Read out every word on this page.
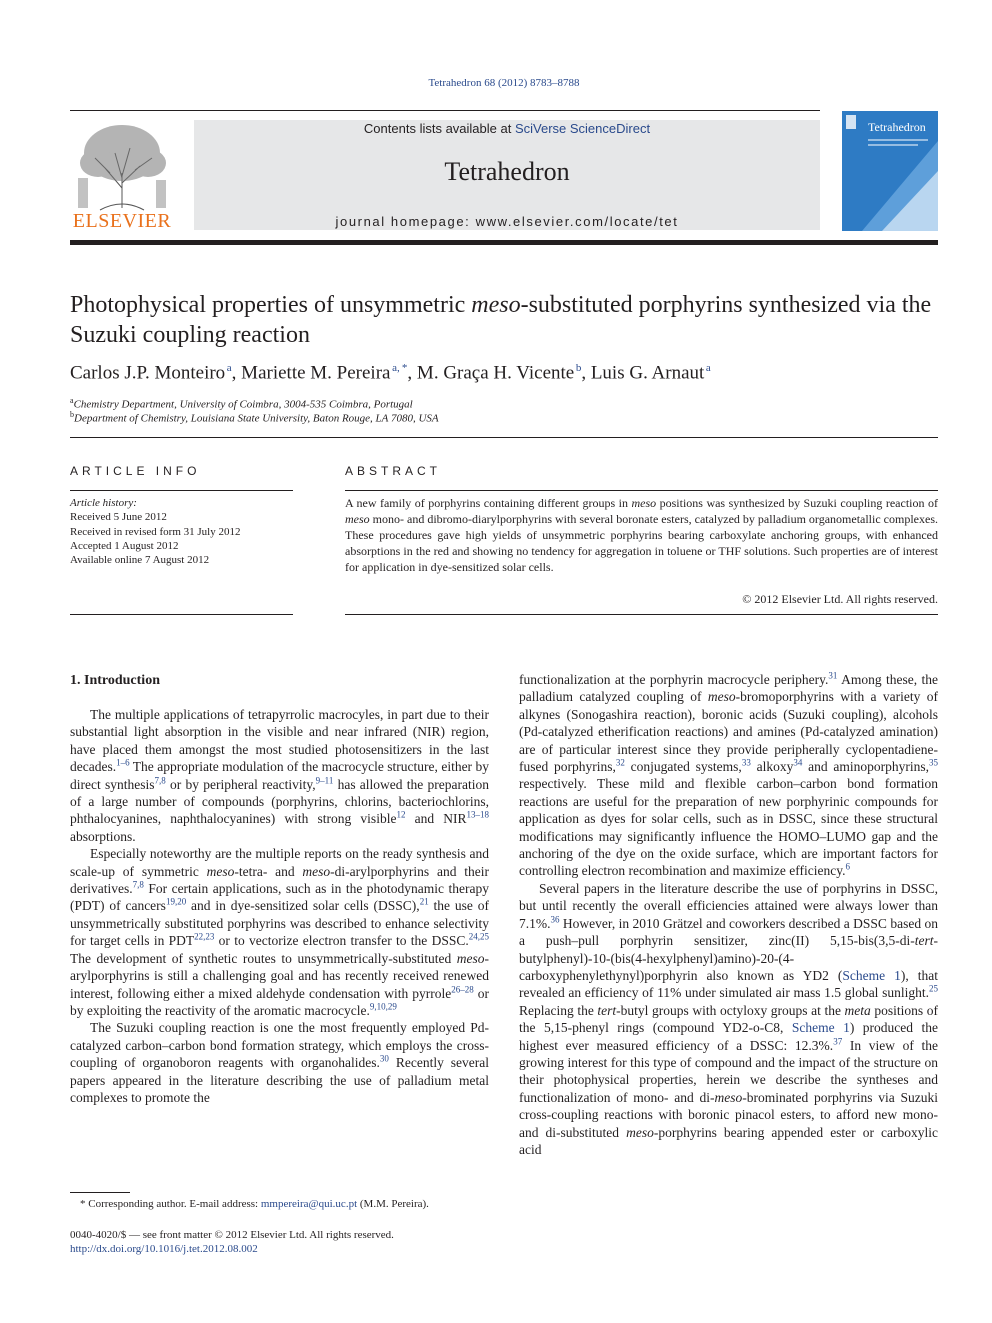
Tetrahedron 68 (2012) 8783–8788
ELSEVIER
Contents lists available at SciVerse ScienceDirect
Tetrahedron
journal homepage: www.elsevier.com/locate/tet
Tetrahedron
Photophysical properties of unsymmetric meso-substituted porphyrins synthesized via the Suzuki coupling reaction
Carlos J.P. Monteiro  $^a$, Mariette M. Pereira  $^{a, *}$, M. Graça H. Vicente  $^b$, Luis G. Arnaut  $^a$
$^a$Chemistry Department, University of Coimbra, 3004-535 Coimbra, Portugal
$^b$Department of Chemistry, Louisiana State University, Baton Rouge, LA 7080, USA
ARTICLE INFO
Article history:
Received 5 June 2012
Received in revised form 31 July 2012
Accepted 1 August 2012
Available online 7 August 2012
ABSTRACT
A new family of porphyrins containing different groups in meso positions was synthesized by Suzuki coupling reaction of meso mono- and dibromo-diarylporphyrins with several boronate esters, catalyzed by palladium organometallic complexes. These procedures gave high yields of unsymmetric porphyrins bearing carboxylate anchoring groups, with enhanced absorptions in the red and showing no tendency for aggregation in toluene or THF solutions. Such properties are of interest for application in dye-sensitized solar cells.
© 2012 Elsevier Ltd. All rights reserved.
1. Introduction

The multiple applications of tetrapyrrolic macrocyles, in part due to their substantial light absorption in the visible and near infrared (NIR) region, have placed them amongst the most studied photosensitizers in the last decades.$^{1-6}$ The appropriate modulation of the macrocycle structure, either by direct synthesis$^{7,8}$ or by peripheral reactivity,$^{9-11}$ has allowed the preparation of a large number of compounds (porphyrins, chlorins, bacteriochlorins, phthalocyanines, naphthalocyanines) with strong visible$^{12}$ and NIR$^{13-18}$ absorptions.

Especially noteworthy are the multiple reports on the ready synthesis and scale-up of symmetric meso-tetra- and meso-di-arylporphyrins and their derivatives.$^{7,8}$ For certain applications, such as in the photodynamic therapy (PDT) of cancers$^{19,20}$ and in dye-sensitized solar cells (DSSC),$^{21}$ the use of unsymmetrically substituted porphyrins was described to enhance selectivity for target cells in PDT$^{22,23}$ or to vectorize electron transfer to the DSSC.$^{24,25}$ The development of synthetic routes to unsymmetrically-substituted meso-arylporphyrins is still a challenging goal and has recently received renewed interest, following either a mixed aldehyde condensation with pyrrole$^{26-28}$ or by exploiting the reactivity of the aromatic macrocycle.$^{9,10,29}$

The Suzuki coupling reaction is one the most frequently employed Pd-catalyzed carbon–carbon bond formation strategy, which employs the cross-coupling of organoboron reagents with organohalides.$^{30}$ Recently several papers appeared in the literature describing the use of palladium metal complexes to promote the

functionalization at the porphyrin macrocycle periphery.$^{31}$ Among these, the palladium catalyzed coupling of meso-bromoporphyrins with a variety of alkynes (Sonogashira reaction), boronic acids (Suzuki coupling), alcohols (Pd-catalyzed etherification reactions) and amines (Pd-catalyzed amination) are of particular interest since they provide peripherally cyclopentadiene-fused porphyrins,$^{32}$ conjugated systems,$^{33}$ alkoxy$^{34}$ and aminoporphyrins,$^{35}$ respectively. These mild and flexible carbon–carbon bond formation reactions are useful for the preparation of new porphyrinic compounds for application as dyes for solar cells, such as in DSSC, since these structural modifications may significantly influence the HOMO–LUMO gap and the anchoring of the dye on the oxide surface, which are important factors for controlling electron recombination and maximize efficiency.$^6$

Several papers in the literature describe the use of porphyrins in DSSC, but until recently the overall efficiencies attained were always lower than 7.1%.$^{36}$ However, in 2010 Grätzel and coworkers described a DSSC based on a push–pull porphyrin sensitizer, zinc(II) 5,15-bis(3,5-di-tert-butylphenyl)-10-(bis(4-hexylphenyl)amino)-20-(4-carboxyphenylethynyl)porphyrin also known as YD2 (Scheme 1), that revealed an efficiency of 11% under simulated air mass 1.5 global sunlight.$^{25}$ Replacing the tert-butyl groups with octyloxy groups at the meta positions of the 5,15-phenyl rings (compound YD2-o-C8, Scheme 1) produced the highest ever measured efficiency of a DSSC: 12.3%.$^{37}$ In view of the growing interest for this type of compound and the impact of the structure on their photophysical properties, herein we describe the syntheses and functionalization of mono- and di-meso-brominated porphyrins via Suzuki cross-coupling reactions with boronic pinacol esters, to afford new mono- and di-substituted meso-porphyrins bearing appended ester or carboxylic acid

* Corresponding author. E-mail address: mmpereira@qui.uc.pt (M.M. Pereira).
0040-4020/$ — see front matter © 2012 Elsevier Ltd. All rights reserved.
http://dx.doi.org/10.1016/j.tet.2012.08.002
